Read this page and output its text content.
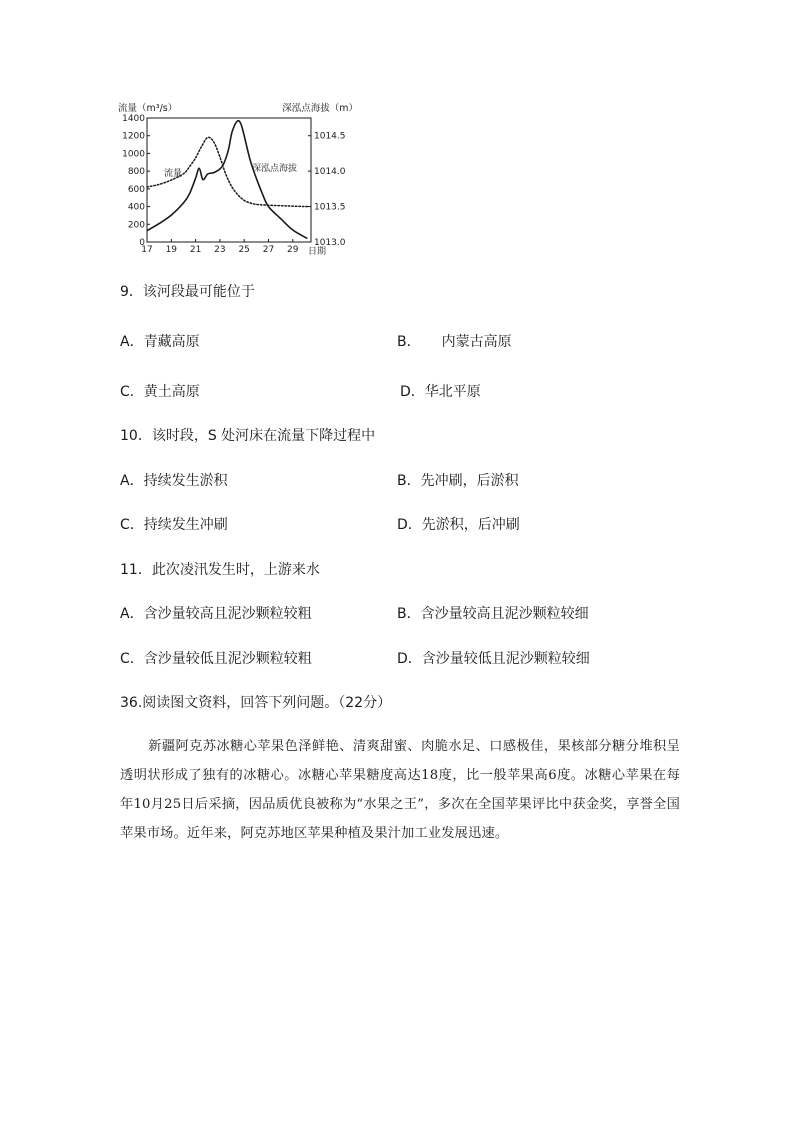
0
200
400
600
800
1000
1200
1400
1013.0
1013.5
1014.0
1014.5
17 19 21 23 25 27 29
流量（m³/s）	深泓点海拔（m）
日期
流量	深泓点海拔
9．该河段最可能位于
A．青藏高原	B．　　内蒙古高原
C．黄土高原	D．华北平原
10．该时段，S 处河床在流量下降过程中
A．持续发生淤积	B．先冲刷，后淤积
C．持续发生冲刷	D．先淤积，后冲刷
11．此次凌汛发生时，上游来水
A．含沙量较高且泥沙颗粒较粗	B．含沙量较高且泥沙颗粒较细
C．含沙量较低且泥沙颗粒较粗	D．含沙量较低且泥沙颗粒较细
36.阅读图文资料，回答下列问题。（22分）
新疆阿克苏冰糖心苹果色泽鲜艳、清爽甜蜜、肉脆水足、口感极佳，果核部分糖分堆积呈透明状形成了独有的冰糖心。冰糖心苹果糖度高达18度，比一般苹果高6度。冰糖心苹果在每年10月25日后采摘，因品质优良被称为“水果之王”，多次在全国苹果评比中获金奖，享誉全国苹果市场。近年来，阿克苏地区苹果种植及果汁加工业发展迅速。
